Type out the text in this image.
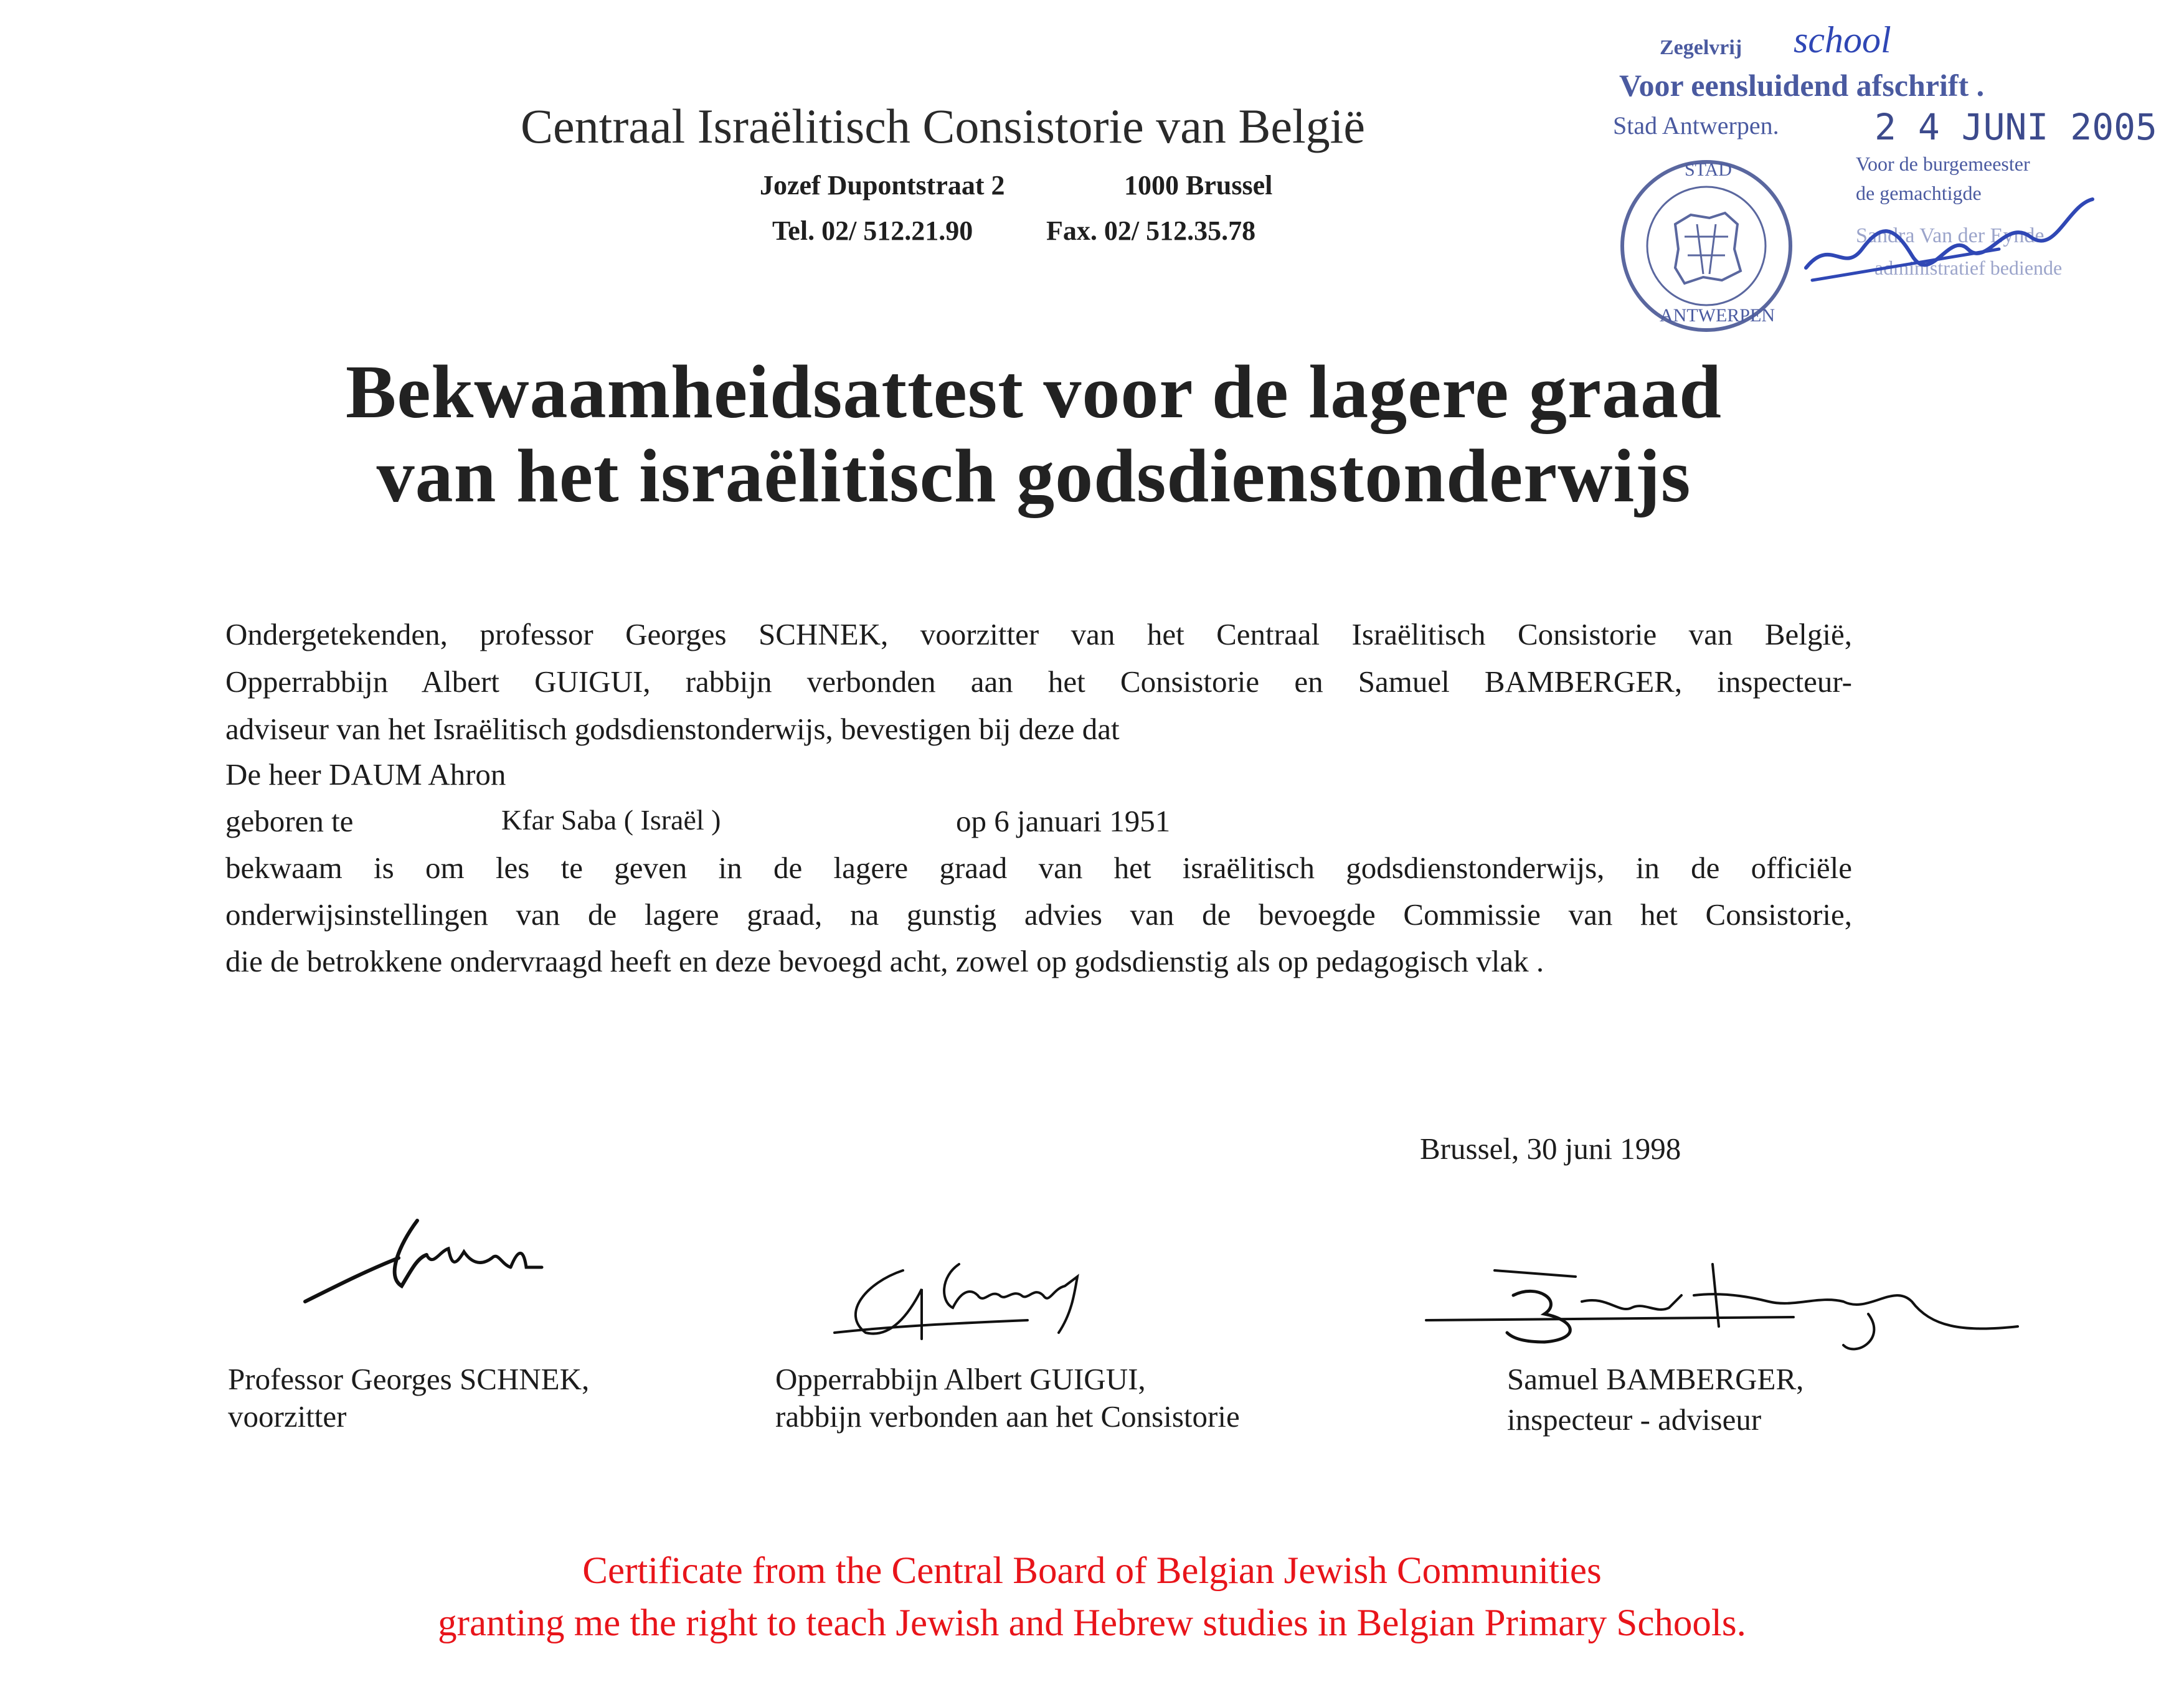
Centraal Israëlitisch Consistorie van België
Jozef Dupontstraat 2	1000 Brussel
Tel. 02/ 512.21.90	Fax. 02/ 512.35.78
Zegelvrij school
Voor eensluidend afschrift .
Stad Antwerpen.	2 4 JUNI 2005
Voor de burgemeester
de gemachtigde
Sandra Van der Eynde
administratief bediende
STAD
ANTWERPEN
Bekwaamheidsattest voor de lagere graad
van het israëlitisch godsdienstonderwijs
Ondergetekenden, professor Georges SCHNEK, voorzitter van het Centraal Israëlitisch Consistorie van België,
Opperrabbijn Albert GUIGUI, rabbijn verbonden aan het Consistorie en Samuel BAMBERGER, inspecteur-
adviseur van het Israëlitisch godsdienstonderwijs, bevestigen bij deze dat
De heer DAUM Ahron
geboren te	Kfar Saba ( Israël )	op 6 januari 1951
bekwaam is om les te geven in de lagere graad van het israëlitisch godsdienstonderwijs, in de officiële
onderwijsinstellingen van de lagere graad, na gunstig advies van de bevoegde Commissie van het Consistorie,
die de betrokkene ondervraagd heeft en deze bevoegd acht, zowel op godsdienstig als op pedagogisch vlak .
Brussel, 30 juni 1998
Professor Georges SCHNEK,
voorzitter
Opperrabbijn Albert GUIGUI,
rabbijn verbonden aan het Consistorie
Samuel BAMBERGER,
inspecteur - adviseur
Certificate from the Central Board of Belgian Jewish Communities
granting me the right to teach Jewish and Hebrew studies in Belgian Primary Schools.
